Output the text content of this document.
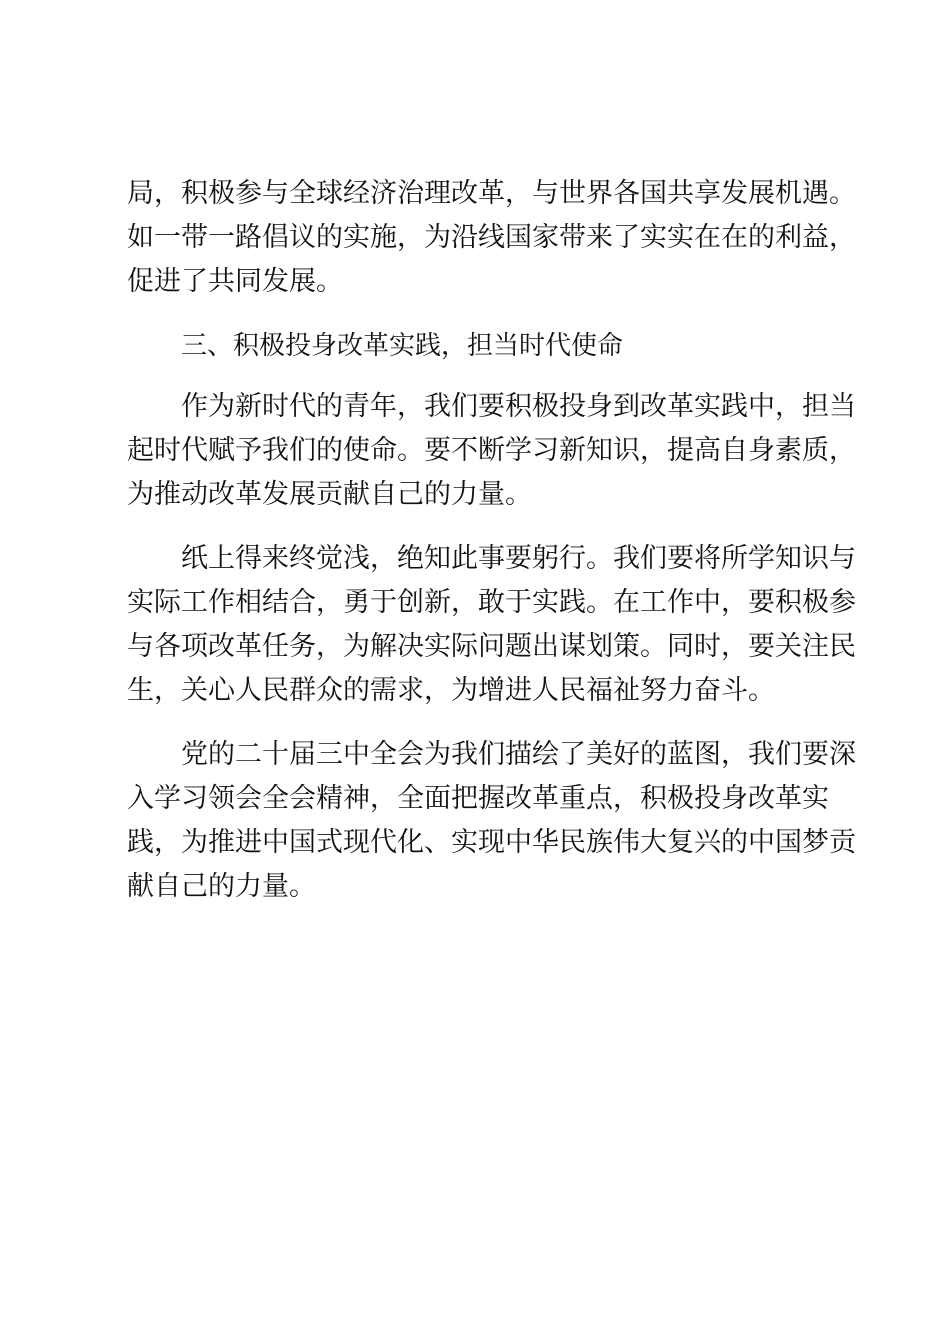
局，积极参与全球经济治理改革，与世界各国共享发展机遇。
如一带一路倡议的实施，为沿线国家带来了实实在在的利益，
促进了共同发展。

三、积极投身改革实践，担当时代使命

作为新时代的青年，我们要积极投身到改革实践中，担当
起时代赋予我们的使命。要不断学习新知识，提高自身素质，
为推动改革发展贡献自己的力量。

纸上得来终觉浅，绝知此事要躬行。我们要将所学知识与
实际工作相结合，勇于创新，敢于实践。在工作中，要积极参
与各项改革任务，为解决实际问题出谋划策。同时，要关注民
生，关心人民群众的需求，为增进人民福祉努力奋斗。

党的二十届三中全会为我们描绘了美好的蓝图，我们要深
入学习领会全会精神，全面把握改革重点，积极投身改革实
践，为推进中国式现代化、实现中华民族伟大复兴的中国梦贡
献自己的力量。
